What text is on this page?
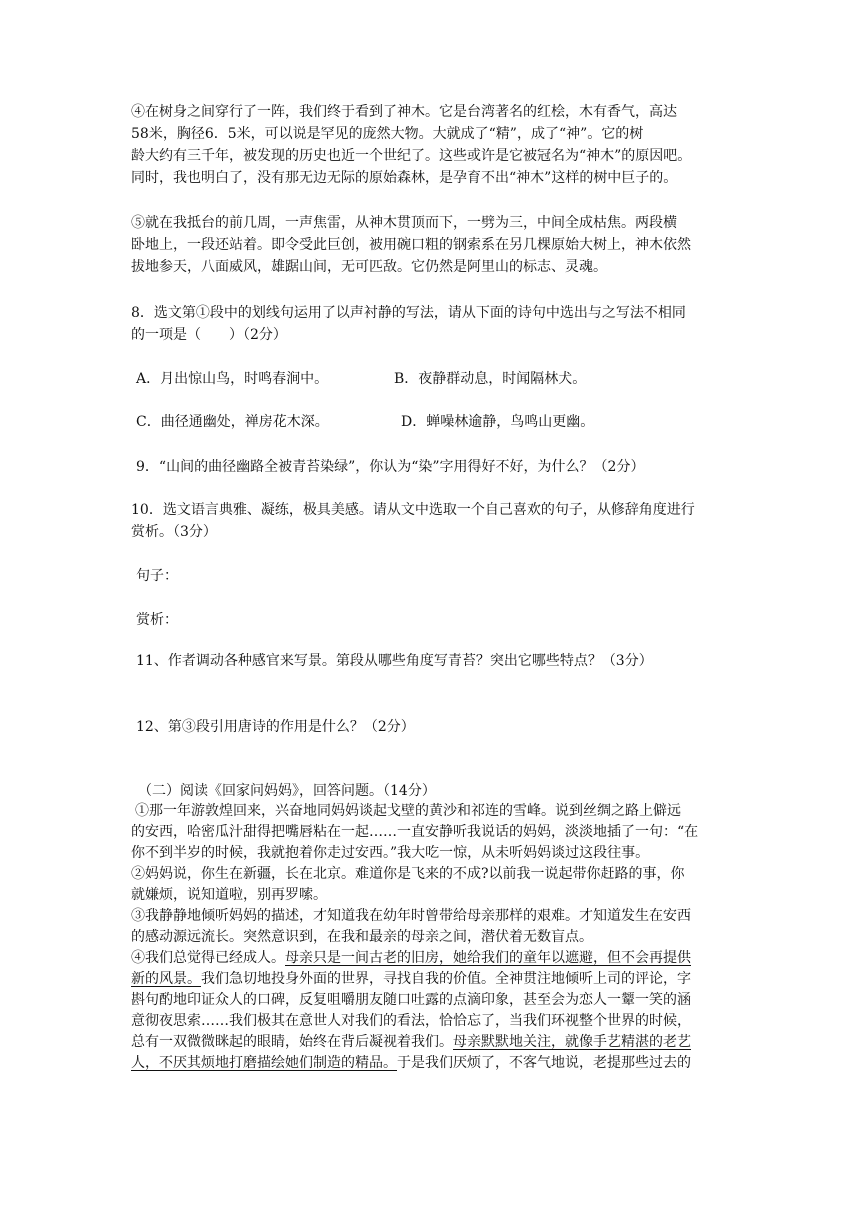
④在树身之间穿行了一阵，我们终于看到了神木。它是台湾著名的红桧，木有香气，高达
58米，胸径6．5米，可以说是罕见的庞然大物。大就成了“精”，成了“神”。它的树
龄大约有三千年，被发现的历史也近一个世纪了。这些或许是它被冠名为“神木”的原因吧。
同时，我也明白了，没有那无边无际的原始森林，是孕育不出“神木”这样的树中巨子的。
⑤就在我抵台的前几周，一声焦雷，从神木贯顶而下，一劈为三，中间全成枯焦。两段横
卧地上，一段还站着。即令受此巨创，被用碗口粗的钢索系在另几棵原始大树上，神木依然
拔地参天，八面威风，雄踞山间，无可匹敌。它仍然是阿里山的标志、灵魂。
8．选文第①段中的划线句运用了以声衬静的写法，请从下面的诗句中选出与之写法不相同
的一项是（　　）（2分）
A．月出惊山鸟，时鸣春涧中。	B．夜静群动息，时闻隔林犬。
C．曲径通幽处，禅房花木深。	D．蝉噪林逾静，鸟鸣山更幽。
9．“山间的曲径幽路全被青苔染绿”，你认为“染”字用得好不好，为什么？（2分）
10．选文语言典雅、凝练，极具美感。请从文中选取一个自己喜欢的句子，从修辞角度进行
赏析。（3分）
句子：
赏析：
11、作者调动各种感官来写景。第段从哪些角度写青苔？突出它哪些特点？（3分）
12、第③段引用唐诗的作用是什么？（2分）
（二）阅读《回家问妈妈》，回答问题。（14分）
①那一年游敦煌回来，兴奋地同妈妈谈起戈壁的黄沙和祁连的雪峰。说到丝绸之路上僻远
的安西，哈密瓜汁甜得把嘴唇粘在一起……一直安静听我说话的妈妈，淡淡地插了一句：“在
你不到半岁的时候，我就抱着你走过安西。”我大吃一惊，从未听妈妈谈过这段往事。
②妈妈说，你生在新疆，长在北京。难道你是飞来的不成?以前我一说起带你赶路的事，你
就嫌烦，说知道啦，别再罗嗦。
③我静静地倾听妈妈的描述，才知道我在幼年时曾带给母亲那样的艰难。才知道发生在安西
的感动源远流长。突然意识到，在我和最亲的母亲之间，潜伏着无数盲点。
④我们总觉得已经成人。母亲只是一间古老的旧房，她给我们的童年以遮避，但不会再提供
新的风景。我们急切地投身外面的世界，寻找自我的价值。全神贯注地倾听上司的评论，字
斟句酌地印证众人的口碑，反复咀嚼朋友随口吐露的点滴印象，甚至会为恋人一颦一笑的涵
意彻夜思索……我们极其在意世人对我们的看法，恰恰忘了，当我们环视整个世界的时候，
总有一双微微眯起的眼睛，始终在背后凝视着我们。母亲默默地关注，就像手艺精湛的老艺
人，不厌其烦地打磨描绘她们制造的精品。于是我们厌烦了，不客气地说，老提那些过去的
